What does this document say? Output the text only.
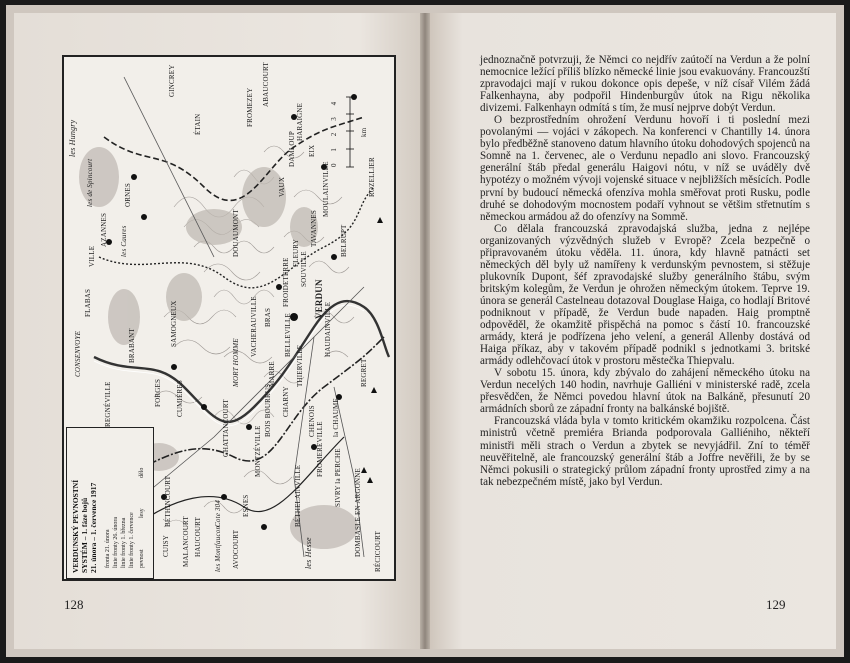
0      1      2      3      4
km
les Hungry
les de Spincourt
GINCREY
ÉTAIN
ORNES
AZANNES
VILLE
FLABAS
CONSENVOYE
les Caures
BRABANT	SAMOGNEUX
REGNÉVILLE	CUMIÈRES
FORGES
BÉTHINCOURT
MALANCOURT HAUCOURT
CUISY	AVOCOURT
ESNES
MONTZÉVILLE
CHATTANCOURT
MORT HOMME
Cote 304
MARRE
CHARNY
VACHERAUVILLE BRAS
FROIDETERRE
FLEURY
DOUAUMONT
VAUX
DAMLOUP
HARAIGNE
FROMEZEY
ABAUCOURT
EIX
MOULAINVILLE
TAVANNES
SOUVILLE
BELRUPT
ROZELLIER
VERDUN
BELLEVILLE
THIERVILLE
HAUDAINVILLE
REGRET
la CHAUME
CHENOIS
FROMEREVILLE
BOIS BOURRUS
BÉTHELAINVILLE	SIVRY la PERCHE DOMBASLE EN ARGONNE RÉCICOURT
les Hesse
les Montfaucon
VERDUNSKÝ PEVNOSTNÍ SYSTÉM – 1. fáze bojů 21. února – 1. července 1917 fronta 21. února linie fronty 26. února linie fronty 1. března linie fronty 1. července pevnost
lesy
dělo
128

jednoznačně potvrzuji, že Němci co nejdřív zaútočí na Verdun a že polní nemocnice ležící příliš blízko německé linie jsou evakuovány. Francouzští zpravodajci mají v rukou dokonce opis depeše, v níž císař Vilém žádá Falkenhayna, aby podpořil Hindenburgův útok na Rigu několika divizemi. Falkenhayn odmítá s tím, že musí nejprve dobýt Verdun.

O bezprostředním ohrožení Verdunu hovoří i ti poslední mezi povolanými — vojáci v zákopech. Na konferenci v Chantilly 14. února bylo předběžně stanoveno datum hlavního útoku dohodových spojenců na Somně na 1. červenec, ale o Verdunu nepadlo ani slovo. Francouzský generální štáb předal generálu Haigovi nótu, v níž se uváděly dvě hypotézy o možném vývoji vojenské situace v nejbližších měsících. Podle první by budoucí německá ofenzíva mohla směřovat proti Rusku, podle druhé se dohodovým mocnostem podaří vyhnout se většim střetnutím s německou armádou až do ofenzívy na Sommě.

Co dělala francouzská zpravodajská služba, jedna z nejlépe organizovaných výzvědných služeb v Evropě? Zcela bezpečně o připravovaném útoku věděla. 11. února, kdy hlavně patnácti set německých děl byly už namířeny k verdunským pevnostem, si stěžuje plukovník Dupont, šéf zpravodajské služby generálního štábu, svým britským kolegům, že Verdun je ohrožen německým útokem. Teprve 19. února se generál Castelneau dotazoval Douglase Haiga, co hodlají Britové podniknout v případě, že Verdun bude napaden. Haig promptně odpověděl, že okamžitě přispěchá na pomoc s částí 10. francouzské armády, která je podřízena jeho velení, a generál Allenby dostává od Haiga příkaz, aby v takovém případě podnikl s jednotkami 3. britské armády odlehčovací útok v prostoru městečka Thiepvalu.

V sobotu 15. února, kdy zbývalo do zahájení německého útoku na Verdun necelých 140 hodin, navrhuje Galliéni v ministerské radě, zcela přesvědčen, že Němci povedou hlavní útok na Balkáně, přesunutí 20 armádních sborů ze západní fronty na balkánské bojiště.

Francouzská vláda byla v tomto kritickém okamžiku rozpolcena. Část ministrů včetně premiéra Brianda podporovala Galliéniho, někteří ministři měli strach o Verdun a zbytek se nevyjádřil. Zní to téměř neuvěřitelně, ale francouzský generální štáb a Joffre nevěřili, že by se Němci pokusili o strategický průlom západní fronty uprostřed zimy a na tak nebezpečném místě, jako byl Verdun.

129
